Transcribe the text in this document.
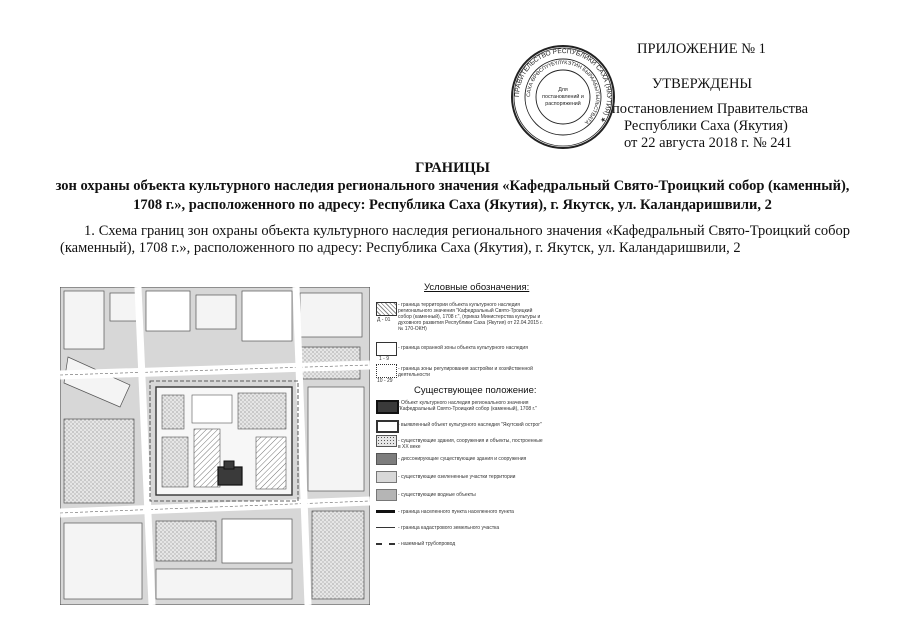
ПРИЛОЖЕНИЕ № 1
УТВЕРЖДЕНЫ
постановлением Правительства
Республики Саха (Якутия)
от 22 августа 2018 г. № 241
ПРАВИТЕЛЬСТВО РЕСПУБЛИКИ САХА (ЯКУТИЯ) ★
САХА ӨРӨСПҮҮБҮЛҮКЭТИН БЫРААБЫТЫЛЬСТВАТА
Для
постановлений и
распоряжений
ГРАНИЦЫ
зон охраны объекта культурного наследия регионального значения «Кафедральный Свято-Троицкий собор (каменный), 1708 г.», расположенного по адресу: Республика Саха (Якутия), г. Якутск, ул. Каландаришвили, 2
1. Схема границ зон охраны объекта культурного наследия регионального значения «Кафедральный Свято-Троицкий собор (каменный), 1708 г.», расположенного по адресу: Республика Саха (Якутия), г. Якутск, ул. Каландаришвили, 2
Условные обозначения:
Д - 01
- граница территории объекта культурного наследия регионального значения "Кафедральный Свято-Троицкий собор (каменный), 1708 г.", (приказ Министерства культуры и духовного развития Республики Саха (Якутия) от 22.04.2015 г. № 170-ОКН)
1 - 9
- граница охранной зоны объекта культурного наследия
10 - 29
- граница зоны регулирования застройки и хозяйственной деятельности
Существующее положение:
- Объект культурного наследия регионального значения "Кафедральный Свято-Троицкий собор (каменный), 1708 г."
- выявленный объект культурного наследия "Якутский острог"
- существующие здания, сооружения и объекты, построенные в XX веке
- диссонирующие существующие здания и сооружения
- существующие озелененные участки территории
- существующие водные объекты
- граница населенного пункта населенного пункта
- граница кадастрового земельного участка
- наземный трубопровод
